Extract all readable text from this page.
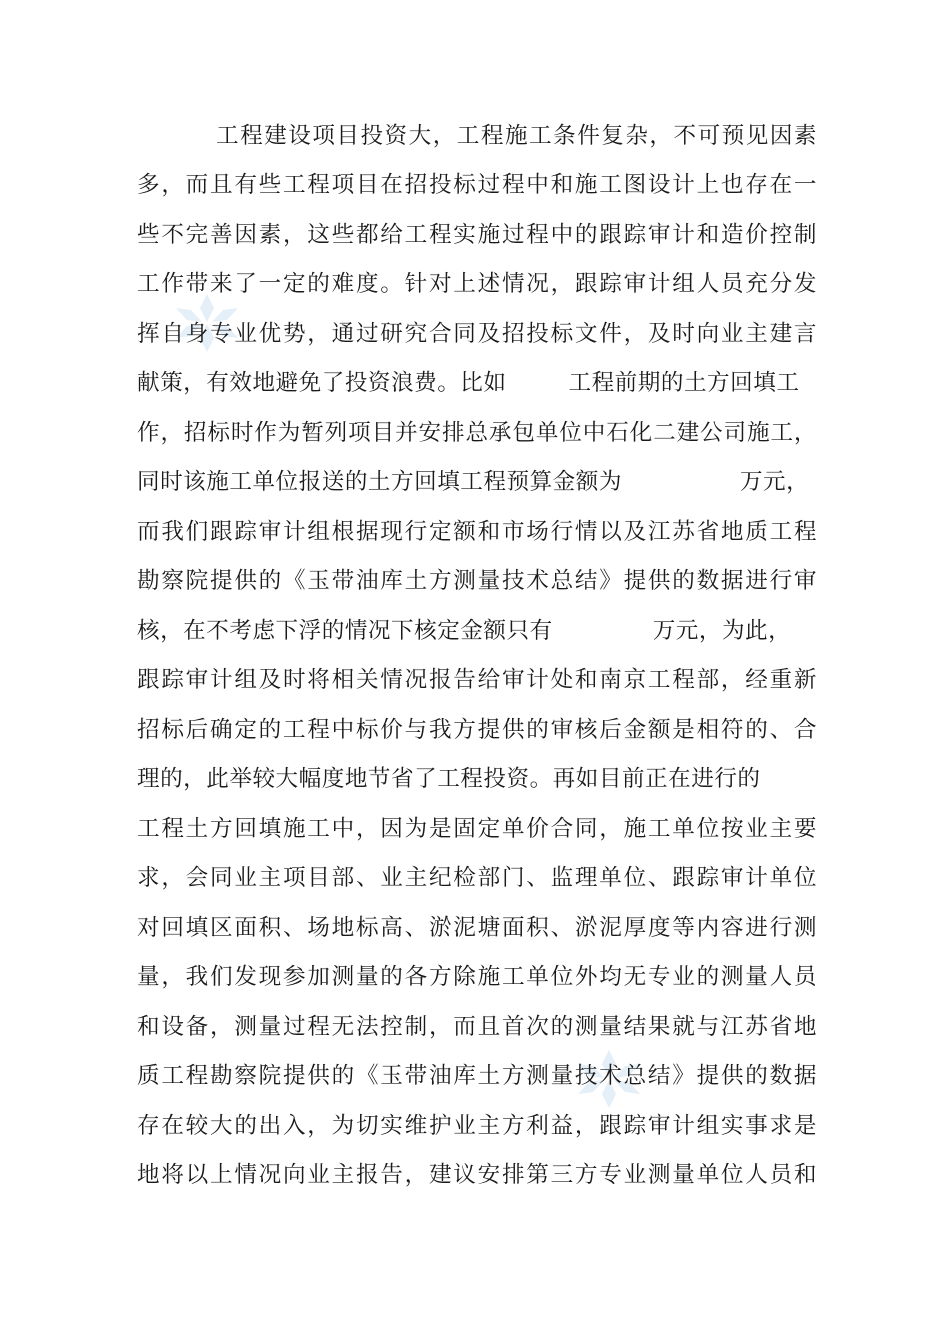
工程建设项目投资大，工程施工条件复杂，不可预见因素
多，而且有些工程项目在招投标过程中和施工图设计上也存在一
些不完善因素，这些都给工程实施过程中的跟踪审计和造价控制
工作带来了一定的难度。针对上述情况，跟踪审计组人员充分发
挥自身专业优势，通过研究合同及招投标文件，及时向业主建言
献策，有效地避免了投资浪费。比如	工程前期的土方回填工
作，招标时作为暂列项目并安排总承包单位中石化二建公司施工，
同时该施工单位报送的土方回填工程预算金额为	万元，
而我们跟踪审计组根据现行定额和市场行情以及江苏省地质工程
勘察院提供的《玉带油库土方测量技术总结》提供的数据进行审
核，在不考虑下浮的情况下核定金额只有	万元，为此，
跟踪审计组及时将相关情况报告给审计处和南京工程部，经重新
招标后确定的工程中标价与我方提供的审核后金额是相符的、合
理的，此举较大幅度地节省了工程投资。再如目前正在进行的
工程土方回填施工中，因为是固定单价合同，施工单位按业主要
求，会同业主项目部、业主纪检部门、监理单位、跟踪审计单位
对回填区面积、场地标高、淤泥塘面积、淤泥厚度等内容进行测
量，我们发现参加测量的各方除施工单位外均无专业的测量人员
和设备，测量过程无法控制，而且首次的测量结果就与江苏省地
质工程勘察院提供的《玉带油库土方测量技术总结》提供的数据
存在较大的出入，为切实维护业主方利益，跟踪审计组实事求是
地将以上情况向业主报告，建议安排第三方专业测量单位人员和
